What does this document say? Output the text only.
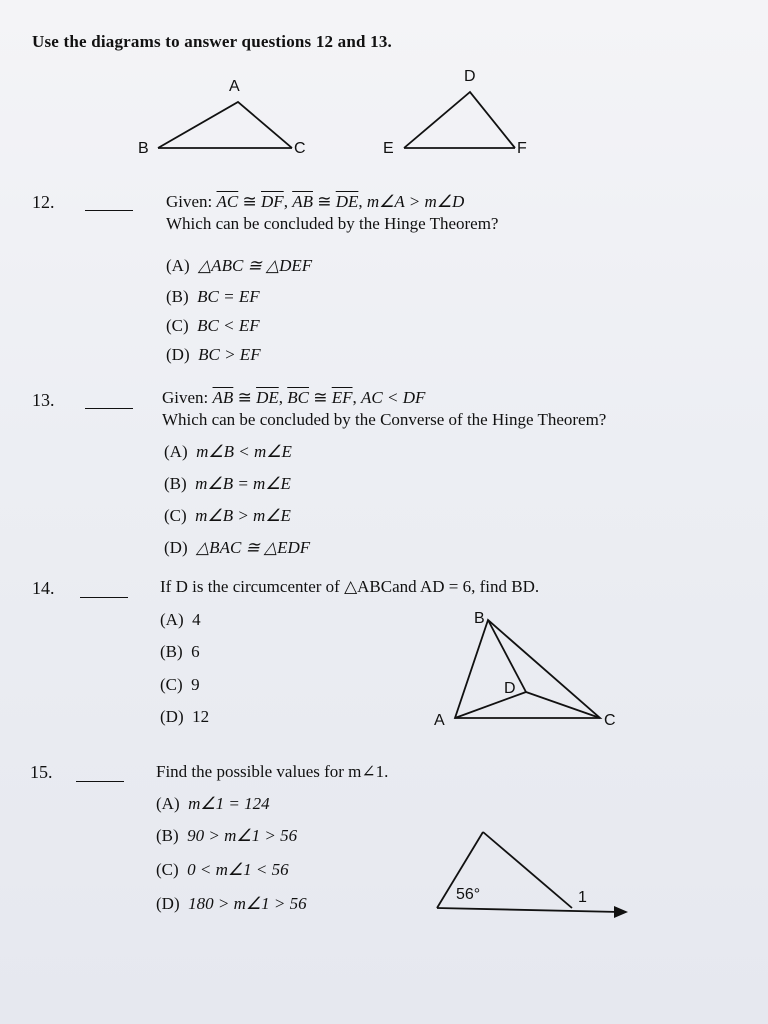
Use the diagrams to answer questions 12 and 13.
A
B	C
D
E	F
12.	Given: $\overline{AC}$ ≅ $\overline{DF}$, $\overline{AB}$ ≅ $\overline{DE}$, m∠A > m∠D
Which can be concluded by the Hinge Theorem?
(A) △ABC ≅ △DEF
(B) BC = EF
(C) BC < EF
(D) BC > EF
13.	Given: $\overline{AB}$ ≅ $\overline{DE}$, $\overline{BC}$ ≅ $\overline{EF}$, AC < DF
Which can be concluded by the Converse of the Hinge Theorem?
(A) m∠B < m∠E
(B) m∠B = m∠E
(C) m∠B > m∠E
(D) △BAC ≅ △EDF
14.	If D is the circumcenter of △ABCand AD = 6, find BD.
(A) 4
(B) 6
(C) 9
(D) 12
B
D
A	C
15.	Find the possible values for m∠1.
(A) m∠1 = 124
(B) 90 > m∠1 > 56
(C) 0 < m∠1 < 56
(D) 180 > m∠1 > 56	56°	1
